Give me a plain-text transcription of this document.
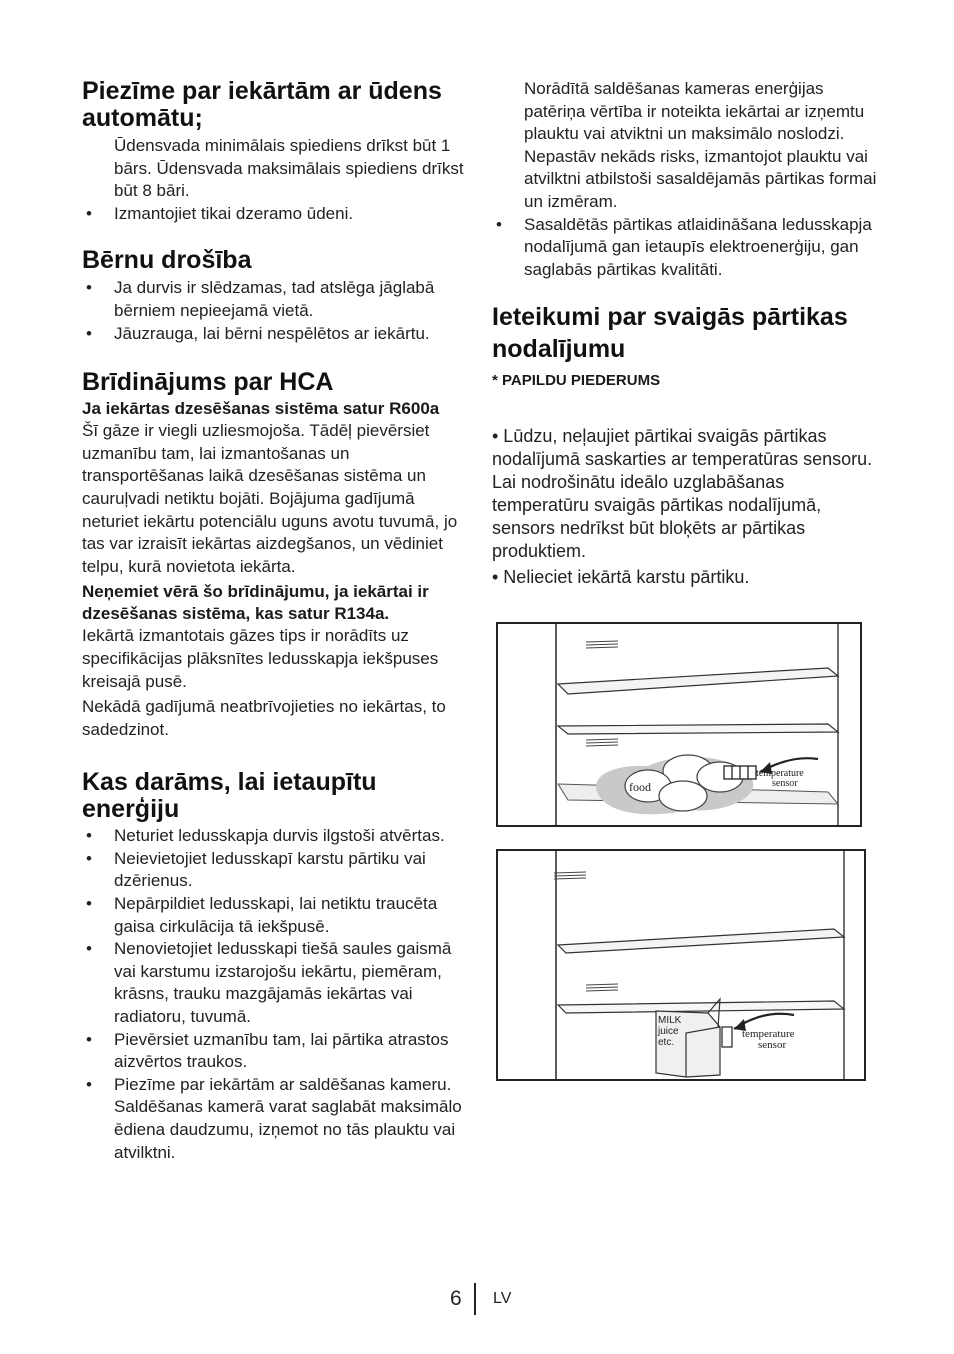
Piezīme par iekārtām ar ūdens automātu;

Ūdensvada minimālais spiediens drīkst būt 1 bārs. Ūdensvada maksimālais spiediens drīkst būt 8 bāri.

• Izmantojiet tikai dzeramo ūdeni.
Bērnu drošība
• Ja durvis ir slēdzamas, tad atslēga jāglabā bērniem nepieejamā vietā.
• Jāuzrauga, lai bērni nespēlētos ar iekārtu.
Brīdinājums par HCA

Ja iekārtas dzesēšanas sistēma satur R600a

Šī gāze ir viegli uzliesmojoša. Tādēļ pievērsiet uzmanību tam, lai izmantošanas un transportēšanas laikā dzesēšanas sistēma un cauruļvadi netiktu bojāti. Bojājuma gadījumā neturiet iekārtu potenciālu uguns avotu tuvumā, jo tas var izraisīt iekārtas aizdegšanos, un vēdiniet telpu, kurā novietota iekārta.

Neņemiet vērā šo brīdinājumu, ja iekārtai ir dzesēšanas sistēma, kas satur R134a.

Iekārtā izmantotais gāzes tips ir norādīts uz specifikācijas plāksnītes ledusskapja iekšpuses kreisajā pusē.

Nekādā gadījumā neatbrīvojieties no iekārtas, to sadedzinot.

Kas darāms, lai ietaupītu enerģiju
• Neturiet ledusskapja durvis ilgstoši atvērtas.
• Neievietojiet ledusskapī karstu pārtiku vai dzērienus.
• Nepārpildiet ledusskapi, lai netiktu traucēta gaisa cirkulācija tā iekšpusē.
• Nenovietojiet ledusskapi tiešā saules gaismā vai karstumu izstarojošu iekārtu, piemēram, krāsns, trauku mazgājamās iekārtas vai radiatoru, tuvumā.
• Pievērsiet uzmanību tam, lai pārtika atrastos aizvērtos traukos.
• Piezīme par iekārtām ar saldēšanas kameru. Saldēšanas kamerā varat saglabāt maksimālo ēdiena daudzumu, izņemot no tās plauktu vai atvilktni.

Norādītā saldēšanas kameras enerģijas patēriņa vērtība ir noteikta iekārtai ar izņemtu plauktu vai atviktni un maksimālo noslodzi. Nepastāv nekāds risks, izmantojot plauktu vai atvilktni atbilstoši sasaldējamās pārtikas formai un izmēram.

• Sasaldētās pārtikas atlaidināšana ledusskapja nodalījumā gan ietaupīs elektroenerģiju, gan saglabās pārtikas kvalitāti.
Ieteikumi par svaigās pārtikas nodalījumu

* PAPILDU PIEDERUMS

• Lūdzu, neļaujiet pārtikai svaigās pārtikas nodalījumā saskarties ar temperatūras sensoru. Lai nodrošinātu ideālo uzglabāšanas temperatūru svaigās pārtikas nodalījumā, sensors nedrīkst būt bloķēts ar pārtikas produktiem.

• Nelieciet iekārtā karstu pārtiku.

food
temperature
sensor
MILK
juice
etc.
temperature
sensor
6 LV
